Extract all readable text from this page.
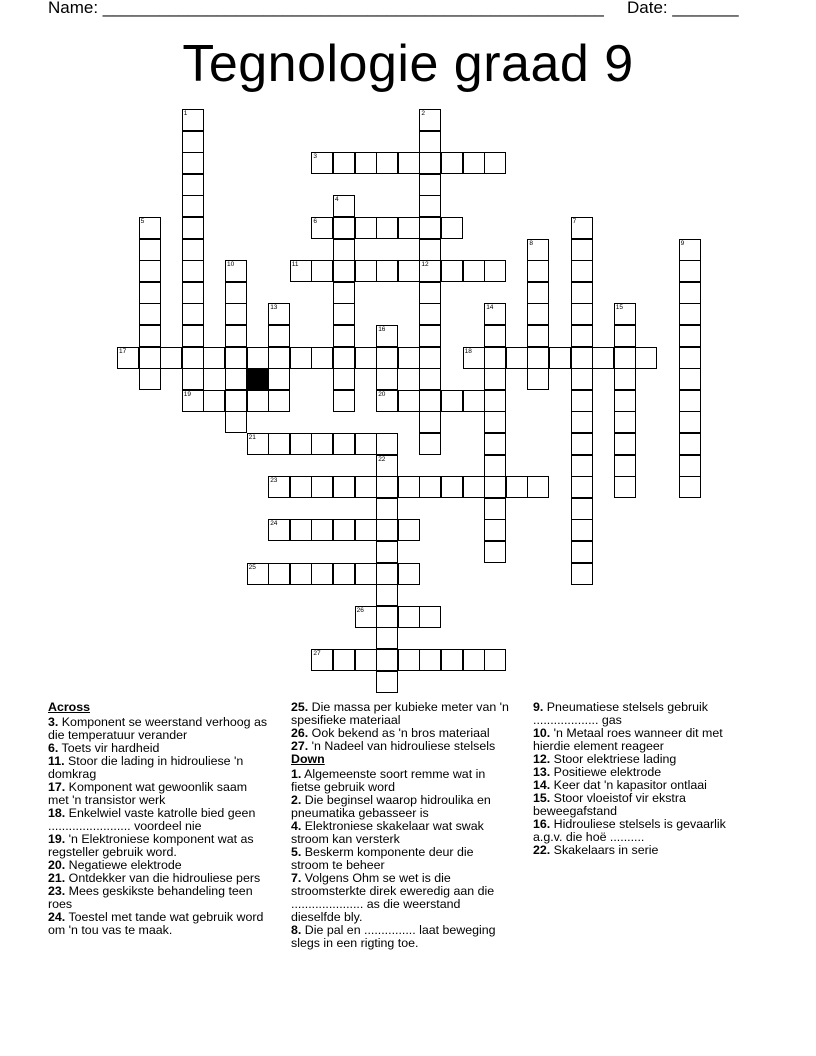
Name: _____________________________________________________ Date: _______
Tegnologie graad 9
3
6
11	12
17	18
19	20
21
23
24
25
26
27
1	2
4
5	7
8	9
10
13	14	15
16
22
Across
3. Komponent se weerstand verhoog as die temperatuur verander
6. Toets vir hardheid
11. Stoor die lading in hidrouliese 'n domkrag
17. Komponent wat gewoonlik saam met 'n transistor werk
18. Enkelwiel vaste katrolle bied geen ........................ voordeel nie
19. 'n Elektroniese komponent wat as regsteller gebruik word.
20. Negatiewe elektrode
21. Ontdekker van die hidrouliese pers
23. Mees geskikste behandeling teen roes
24. Toestel met tande wat gebruik word om 'n tou vas te maak.
25. Die massa per kubieke meter van 'n spesifieke materiaal
26. Ook bekend as 'n bros materiaal
27. 'n Nadeel van hidrouliese stelsels
Down
1. Algemeenste soort remme wat in fietse gebruik word
2. Die beginsel waarop hidroulika en pneumatika gebasseer is
4. Elektroniese skakelaar wat swak stroom kan versterk
5. Beskerm komponente deur die stroom te beheer
7. Volgens Ohm se wet is die stroomsterkte direk eweredig aan die ..................... as die weerstand dieselfde bly.
8. Die pal en ............... laat beweging slegs in een rigting toe.
9. Pneumatiese stelsels gebruik ................... gas
10. 'n Metaal roes wanneer dit met hierdie element reageer
12. Stoor elektriese lading
13. Positiewe elektrode
14. Keer dat 'n kapasitor ontlaai
15. Stoor vloeistof vir ekstra beweegafstand
16. Hidrouliese stelsels is gevaarlik a.g.v. die hoë ..........
22. Skakelaars in serie
